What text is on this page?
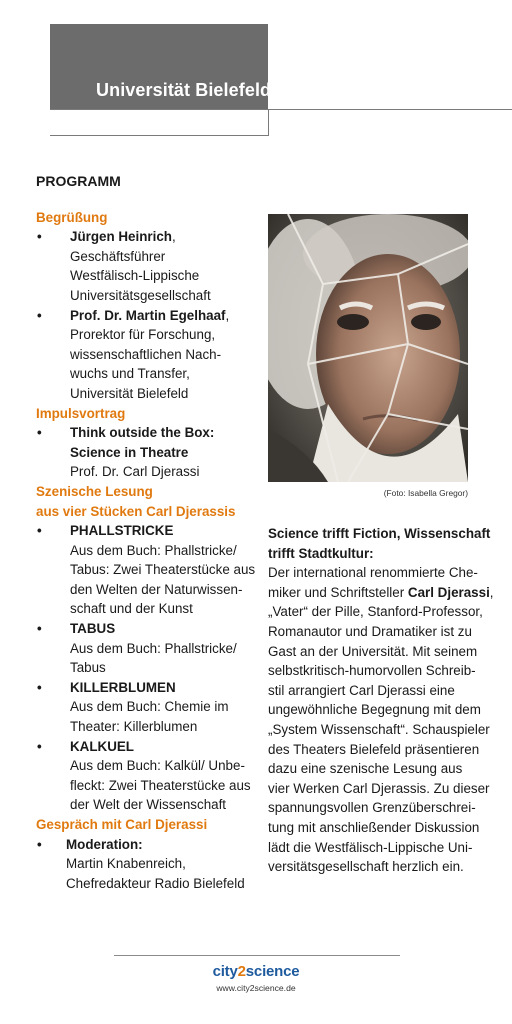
Universität Bielefeld
PROGRAMM
Begrüßung
• Jürgen Heinrich,
Geschäftsführer
Westfälisch-Lippische
Universitätsgesellschaft
• Prof. Dr. Martin Egelhaaf,
Prorektor für Forschung,
wissenschaftlichen Nach-
wuchs und Transfer,
Universität Bielefeld
Impulsvortrag
• Think outside the Box:
Science in Theatre
Prof. Dr. Carl Djerassi
Szenische Lesung
aus vier Stücken Carl Djerassis
• PHALLSTRICKE
Aus dem Buch: Phallstricke/
Tabus: Zwei Theaterstücke aus
den Welten der Naturwissen-
schaft und der Kunst
• TABUS
Aus dem Buch: Phallstricke/
Tabus
• KILLERBLUMEN
Aus dem Buch: Chemie im
Theater: Killerblumen
• KALKUEL
Aus dem Buch: Kalkül/ Unbe-
fleckt: Zwei Theaterstücke aus
der Welt der Wissenschaft
Gespräch mit Carl Djerassi
• Moderation:
Martin Knabenreich,
Chefredakteur Radio Bielefeld
(Foto: Isabella Gregor)
Science trifft Fiction, Wissenschaft
trifft Stadtkultur:
Der international renommierte Che-
miker und Schriftsteller Carl Djerassi,
„Vater“ der Pille, Stanford-Professor,
Romanautor und Dramatiker ist zu
Gast an der Universität. Mit seinem
selbstkritisch-humorvollen Schreib-
stil arrangiert Carl Djerassi eine
ungewöhnliche Begegnung mit dem
„System Wissenschaft“. Schauspieler
des Theaters Bielefeld präsentieren
dazu eine szenische Lesung aus
vier Werken Carl Djerassis. Zu dieser
spannungsvollen Grenzüberschrei-
tung mit anschließender Diskussion
lädt die Westfälisch-Lippische Uni-
versitätsgesellschaft herzlich ein.
city2science
www.city2science.de
